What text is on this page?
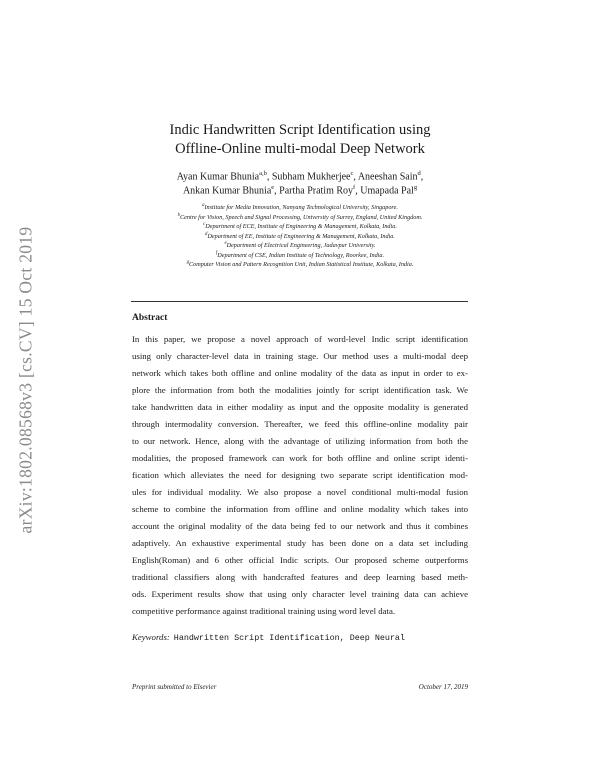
arXiv:1802.08568v3 [cs.CV] 15 Oct 2019
Indic Handwritten Script Identification using
Offline-Online multi-modal Deep Network
Ayan Kumar Bhunia$^{a,b}$, Subham Mukherjee$^c$, Aneeshan Sain$^d$,
Ankan Kumar Bhunia$^e$, Partha Pratim Roy$^f$, Umapada Pal$^g$
$^a$Institute for Media Innovation, Nanyang Technological University, Singapore.
$^b$Centre for Vision, Speech and Signal Processing, University of Surrey, England, United Kingdom.
$^c$Department of ECE, Institute of Engineering & Management, Kolkata, India.
$^d$Department of EE, Institute of Engineering & Management, Kolkata, India.
$^e$Department of Electrical Engineering, Jadavpur University.
$^f$Department of CSE, Indian Institute of Technology, Roorkee, India.
$^g$Computer Vision and Pattern Recognition Unit, Indian Statistical Institute, Kolkata, India.
Abstract
In this paper, we propose a novel approach of word-level Indic script identification
using only character-level data in training stage. Our method uses a multi-modal deep
network which takes both offline and online modality of the data as input in order to ex-
plore the information from both the modalities jointly for script identification task. We
take handwritten data in either modality as input and the opposite modality is generated
through intermodality conversion. Thereafter, we feed this offline-online modality pair
to our network. Hence, along with the advantage of utilizing information from both the
modalities, the proposed framework can work for both offline and online script identi-
fication which alleviates the need for designing two separate script identification mod-
ules for individual modality. We also propose a novel conditional multi-modal fusion
scheme to combine the information from offline and online modality which takes into
account the original modality of the data being fed to our network and thus it combines
adaptively. An exhaustive experimental study has been done on a data set including
English(Roman) and 6 other official Indic scripts. Our proposed scheme outperforms
traditional classifiers along with handcrafted features and deep learning based meth-
ods. Experiment results show that using only character level training data can achieve
competitive performance against traditional training using word level data.
Keywords: Handwritten Script Identification, Deep Neural
Preprint submitted to Elsevier	October 17, 2019
